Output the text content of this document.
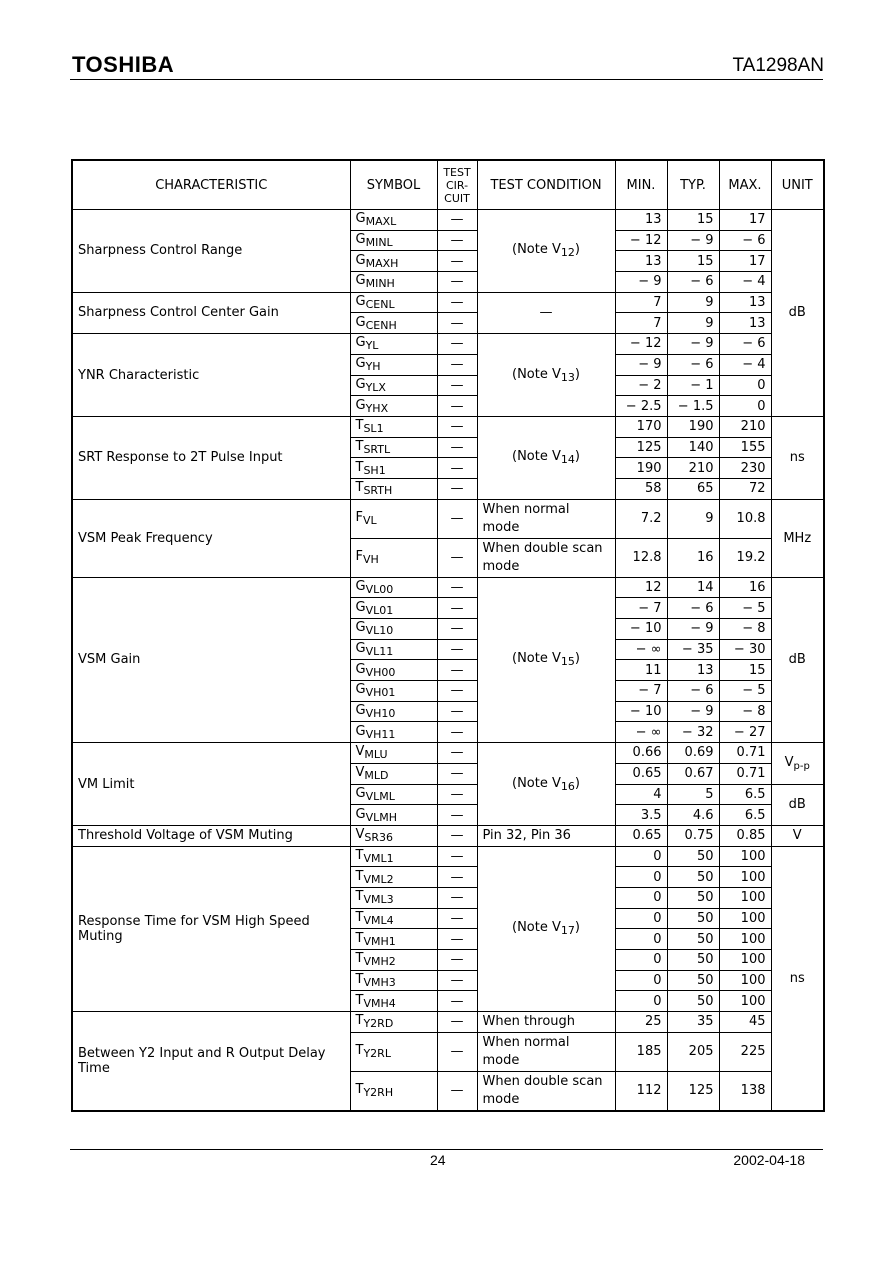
TOSHIBA	TA1298AN
CHARACTERISTIC	SYMBOL	TEST
CIR-
CUIT	TEST CONDITION	MIN.	TYP.	MAX.	UNIT
Sharpness Control Range	$G_{MAXL}$	—	(Note $V_{12}$)	13	15	17	dB
	$G_{MINL}$	—		− 12	− 9	− 6	
	$G_{MAXH}$	—		13	15	17	
	$G_{MINH}$	—		− 9	− 6	− 4	
Sharpness Control Center Gain	$G_{CENL}$	—	—	7	9	13	
	$G_{CENH}$	—		7	9	13	
YNR Characteristic	$G_{YL}$	—	(Note $V_{13}$)	− 12	− 9	− 6	
	$G_{YH}$	—		− 9	− 6	− 4	
	$G_{YLX}$	—		− 2	− 1	0	
	$G_{YHX}$	—		− 2.5	− 1.5	0	
SRT Response to 2T Pulse Input	$T_{SL1}$	—	(Note $V_{14}$)	170	190	210	ns
	$T_{SRTL}$	—		125	140	155	
	$T_{SH1}$	—		190	210	230	
	$T_{SRTH}$	—		58	65	72	
VSM Peak Frequency	$F_{VL}$	—	When normal mode	7.2	9	10.8	MHz
	$F_{VH}$	—	When double scan mode	12.8	16	19.2	
VSM Gain	$G_{VL00}$	—	(Note $V_{15}$)	12	14	16	dB
	$G_{VL01}$	—		− 7	− 6	− 5	
	$G_{VL10}$	—		− 10	− 9	− 8	
	$G_{VL11}$	—		− ∞	− 35	− 30	
	$G_{VH00}$	—		11	13	15	
	$G_{VH01}$	—		− 7	− 6	− 5	
	$G_{VH10}$	—		− 10	− 9	− 8	
	$G_{VH11}$	—		− ∞	− 32	− 27	
VM Limit	$V_{MLU}$	—	(Note $V_{16}$)	0.66	0.69	0.71	$V_{p-p}$
	$V_{MLD}$	—		0.65	0.67	0.71	
	$G_{VLML}$	—		4	5	6.5	dB
	$G_{VLMH}$	—		3.5	4.6	6.5	
Threshold Voltage of VSM Muting	$V_{SR36}$	—	Pin 32, Pin 36	0.65	0.75	0.85	V
Response Time for VSM High Speed Muting	$T_{VML1}$	—	(Note $V_{17}$)	0	50	100	ns
	$T_{VML2}$	—		0	50	100	
	$T_{VML3}$	—		0	50	100	
	$T_{VML4}$	—		0	50	100	
	$T_{VMH1}$	—		0	50	100	
	$T_{VMH2}$	—		0	50	100	
	$T_{VMH3}$	—		0	50	100	
	$T_{VMH4}$	—		0	50	100	
Between Y2 Input and R Output Delay Time	$T_{Y2RD}$	—	When through	25	35	45	
	$T_{Y2RL}$	—	When normal mode	185	205	225	
	$T_{Y2RH}$	—	When double scan mode	112	125	138	
24	2002-04-18
